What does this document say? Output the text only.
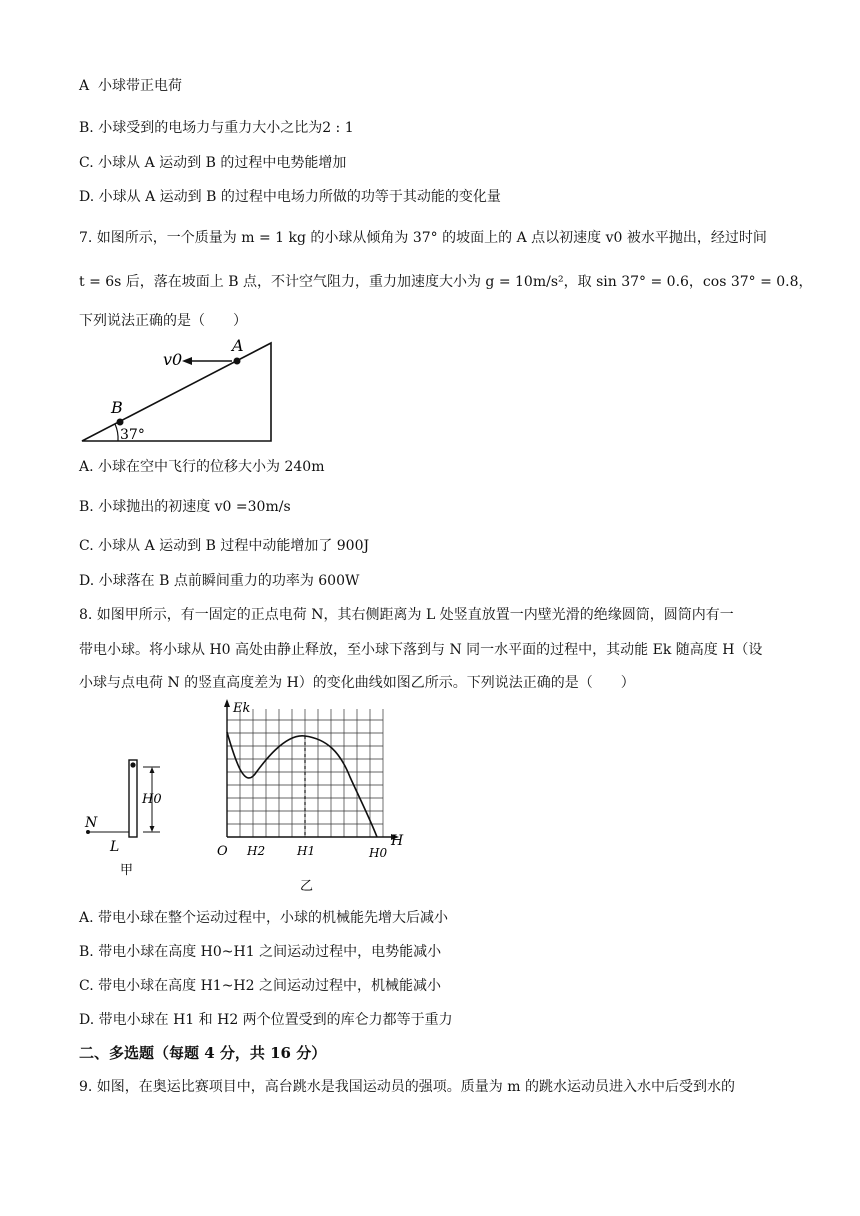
A 小球带正电荷
B. 小球受到的电场力与重力大小之比为2 : 1
C. 小球从 A 运动到 B 的过程中电势能增加
D. 小球从 A 运动到 B 的过程中电场力所做的功等于其动能的变化量
7. 如图所示，一个质量为 m = 1 kg 的小球从倾角为 37° 的坡面上的 A 点以初速度 v0 被水平抛出，经过时间
t = 6s 后，落在坡面上 B 点，不计空气阻力，重力加速度大小为 g = 10m/s²，取 sin 37° = 0.6，cos 37° = 0.8，
下列说法正确的是（　　）
v0
A
B
37°
A. 小球在空中飞行的位移大小为 240m
B. 小球抛出的初速度 v0 =30m/s
C. 小球从 A 运动到 B 过程中动能增加了 900J
D. 小球落在 B 点前瞬间重力的功率为 600W
8. 如图甲所示，有一固定的正点电荷 N，其右侧距离为 L 处竖直放置一内壁光滑的绝缘圆筒，圆筒内有一
带电小球。将小球从 H0 高处由静止释放，至小球下落到与 N 同一水平面的过程中，其动能 Ek 随高度 H（设
小球与点电荷 N 的竖直高度差为 H）的变化曲线如图乙所示。下列说法正确的是（　　）
N
L
H0
甲
Ek
H
O H2	H1	H0
乙
A. 带电小球在整个运动过程中，小球的机械能先增大后减小
B. 带电小球在高度 H0~H1 之间运动过程中，电势能减小
C. 带电小球在高度 H1~H2 之间运动过程中，机械能减小
D. 带电小球在 H1 和 H2 两个位置受到的库仑力都等于重力
二、多选题（每题 4 分，共 16 分）
9. 如图，在奥运比赛项目中，高台跳水是我国运动员的强项。质量为 m 的跳水运动员进入水中后受到水的
